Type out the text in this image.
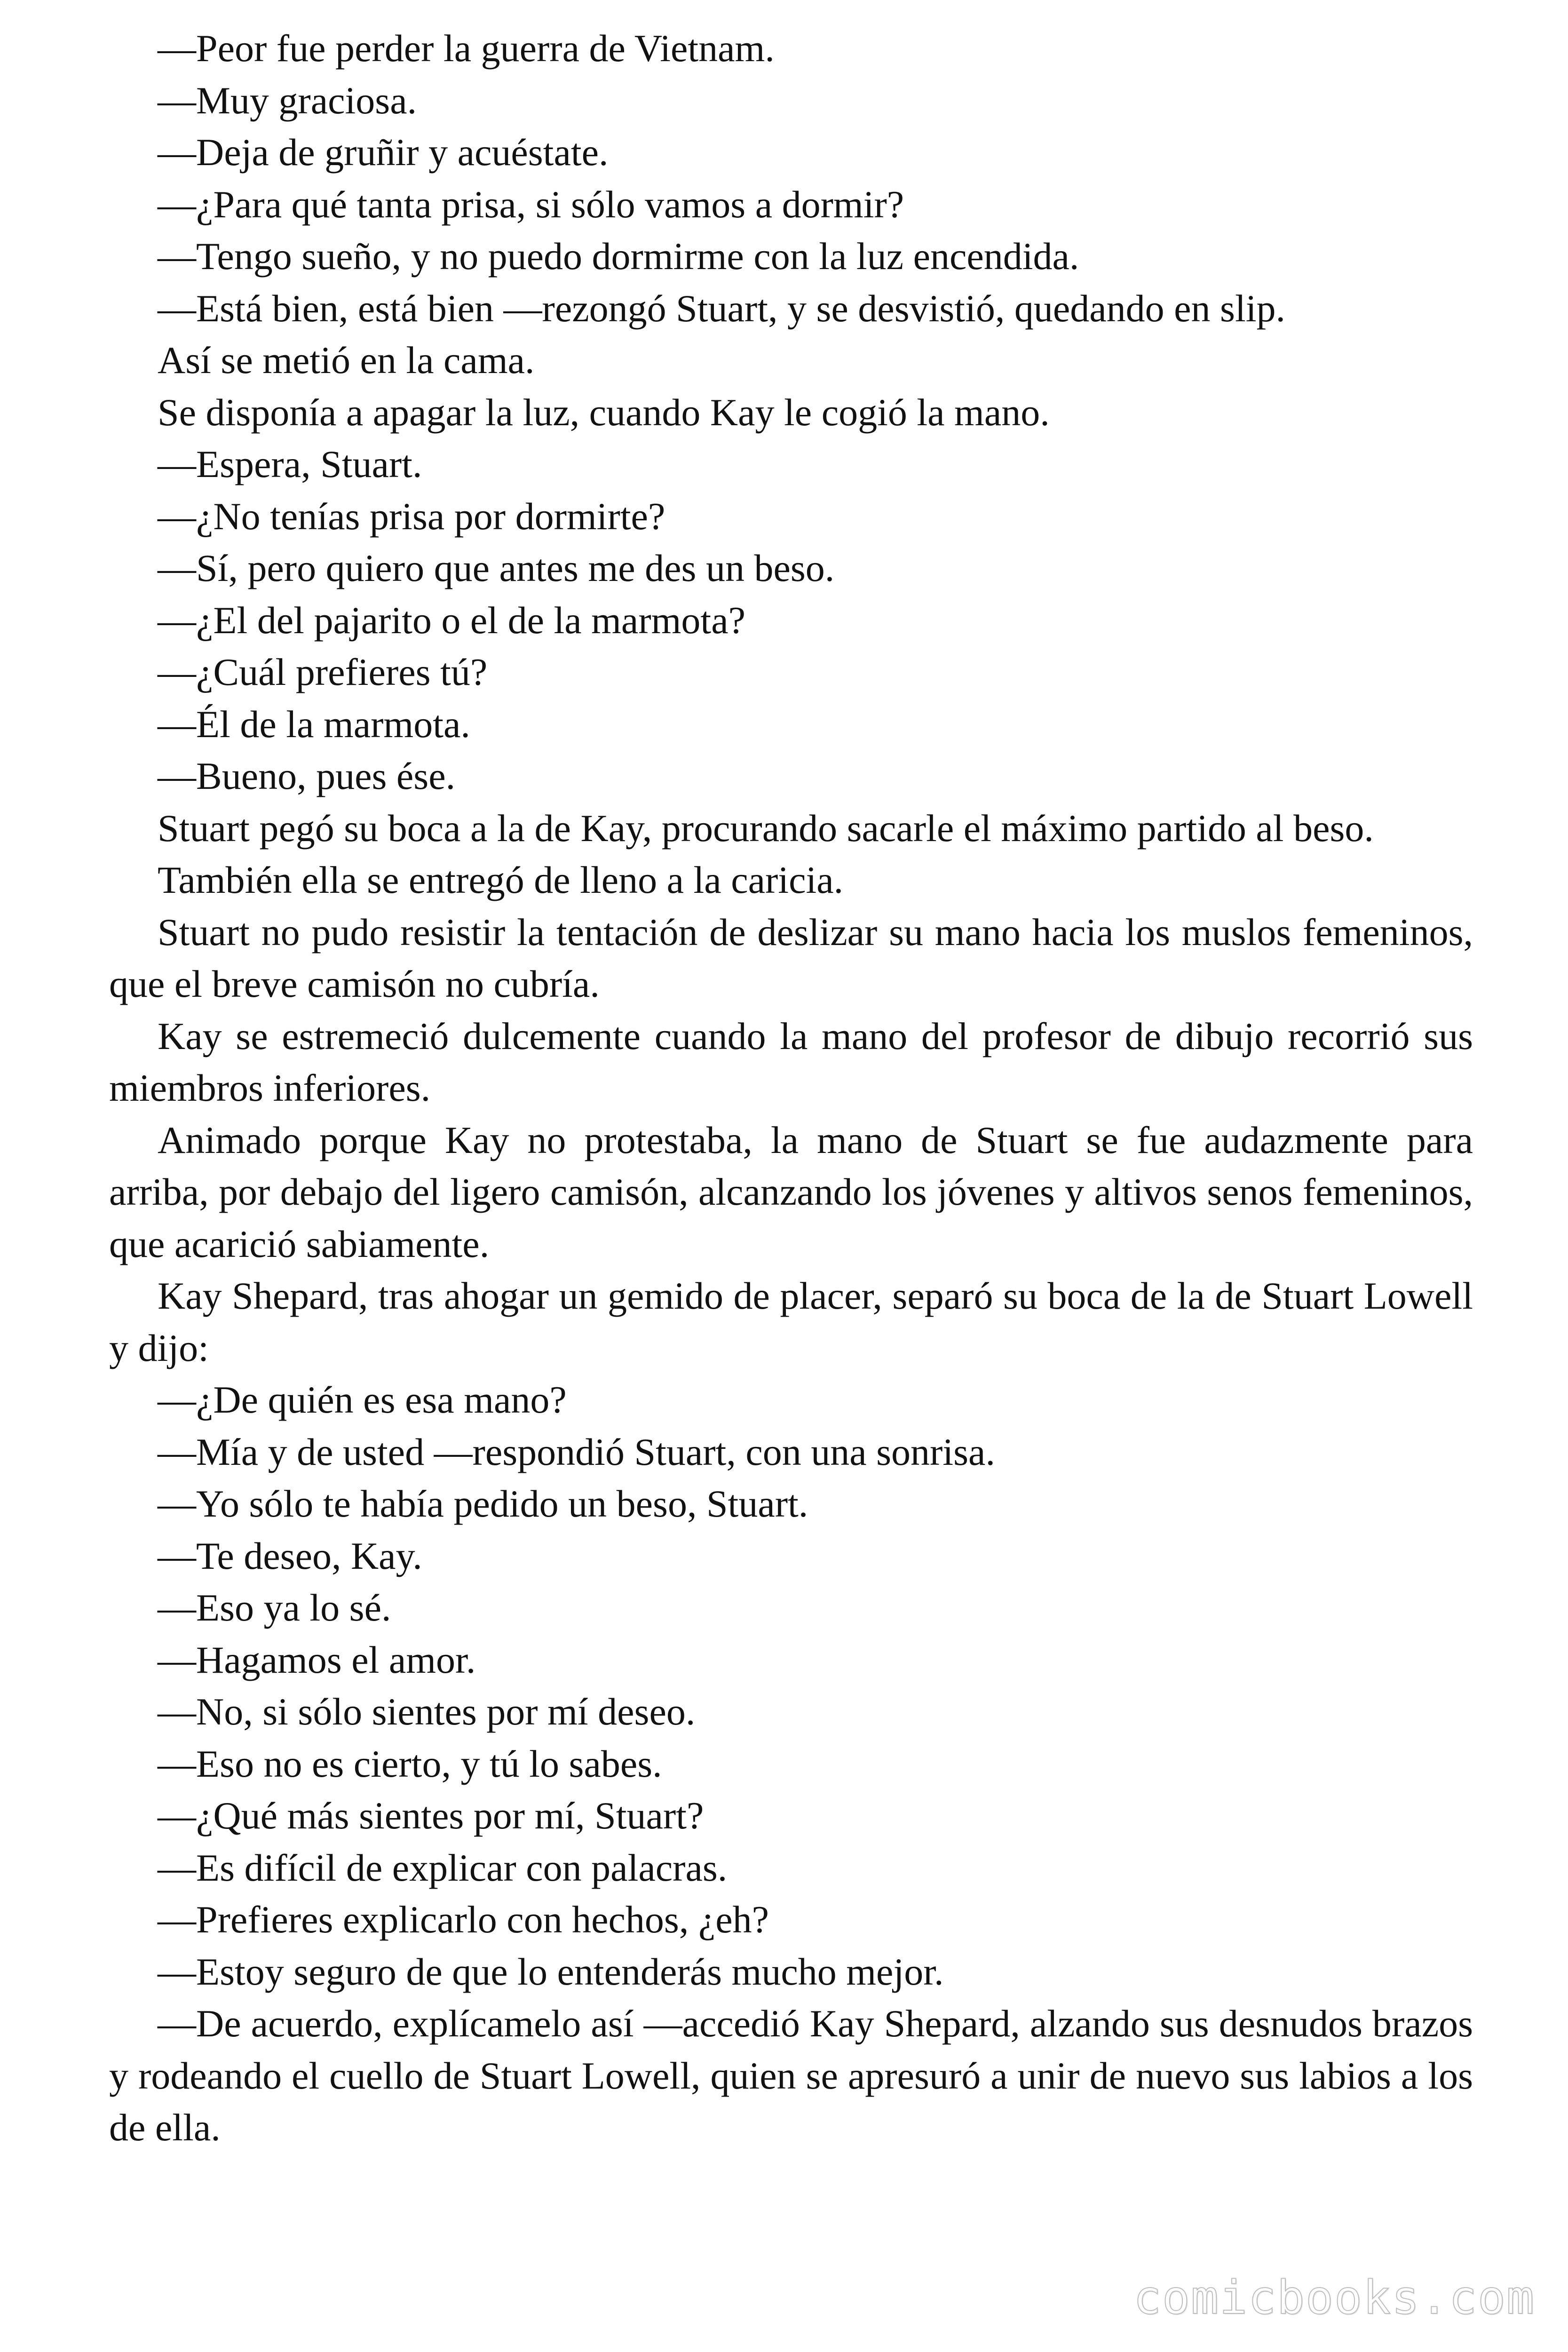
—Peor fue perder la guerra de Vietnam.

—Muy graciosa.

—Deja de gruñir y acuéstate.

—¿Para qué tanta prisa, si sólo vamos a dormir?

—Tengo sueño, y no puedo dormirme con la luz encendida.

—Está bien, está bien —rezongó Stuart, y se desvistió, quedando en slip.

Así se metió en la cama.

Se disponía a apagar la luz, cuando Kay le cogió la mano.

—Espera, Stuart.

—¿No tenías prisa por dormirte?

—Sí, pero quiero que antes me des un beso.

—¿El del pajarito o el de la marmota?

—¿Cuál prefieres tú?

—Él de la marmota.

—Bueno, pues ése.

Stuart pegó su boca a la de Kay, procurando sacarle el máximo partido al beso.

También ella se entregó de lleno a la caricia.

Stuart no pudo resistir la tentación de deslizar su mano hacia los muslos femeninos, que el breve camisón no cubría.

Kay se estremeció dulcemente cuando la mano del profesor de dibujo recorrió sus miembros inferiores.

Animado porque Kay no protestaba, la mano de Stuart se fue audazmente para arriba, por debajo del ligero camisón, alcanzando los jóvenes y altivos senos femeninos, que acarició sabiamente.

Kay Shepard, tras ahogar un gemido de placer, separó su boca de la de Stuart Lowell y dijo:

—¿De quién es esa mano?

—Mía y de usted —respondió Stuart, con una sonrisa.

—Yo sólo te había pedido un beso, Stuart.

—Te deseo, Kay.

—Eso ya lo sé.

—Hagamos el amor.

—No, si sólo sientes por mí deseo.

—Eso no es cierto, y tú lo sabes.

—¿Qué más sientes por mí, Stuart?

—Es difícil de explicar con palacras.

—Prefieres explicarlo con hechos, ¿eh?

—Estoy seguro de que lo entenderás mucho mejor.

—De acuerdo, explícamelo así —accedió Kay Shepard, alzando sus desnudos brazos y rodeando el cuello de Stuart Lowell, quien se apresuró a unir de nuevo sus labios a los de ella.

comicbooks.com
